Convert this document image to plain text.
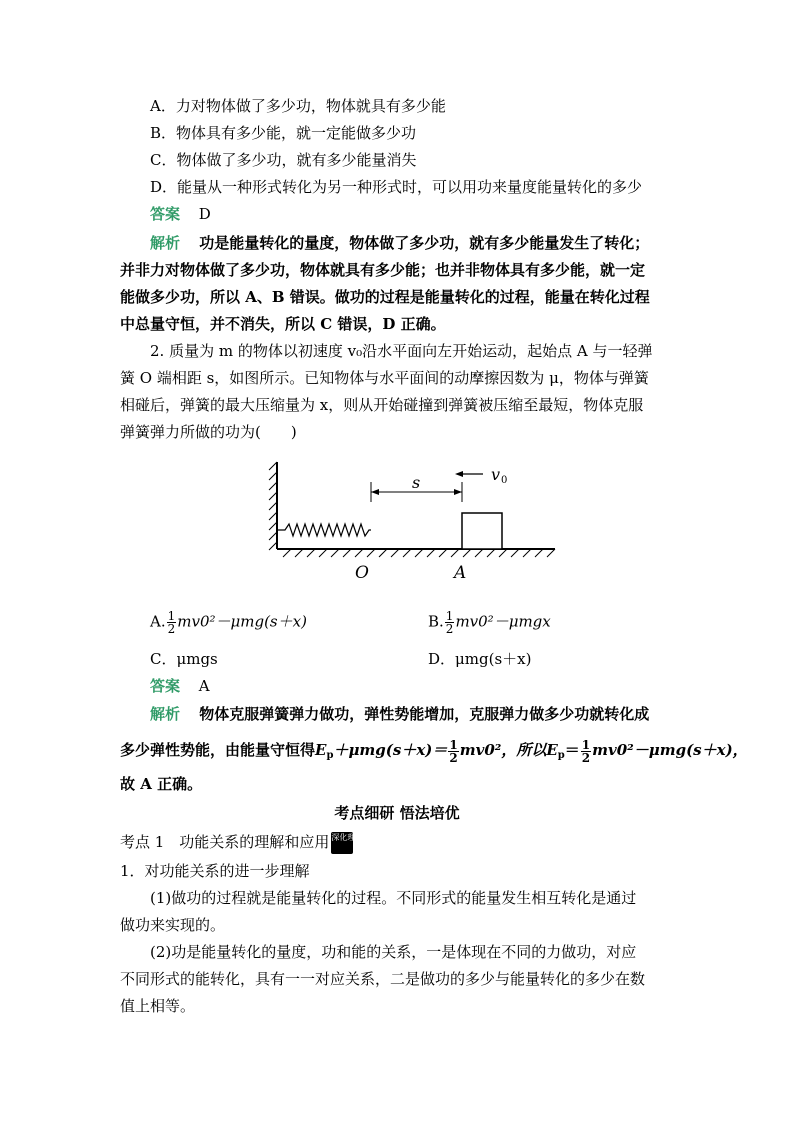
A．力对物体做了多少功，物体就具有多少能
B．物体具有多少能，就一定能做多少功
C．物体做了多少功，就有多少能量消失
D．能量从一种形式转化为另一种形式时，可以用功来量度能量转化的多少
答案 D
解析 功是能量转化的量度，物体做了多少功，就有多少能量发生了转化；
并非力对物体做了多少功，物体就具有多少能；也并非物体具有多少能，就一定
能做多少功，所以 A、B 错误。做功的过程是能量转化的过程，能量在转化过程
中总量守恒，并不消失，所以 C 错误，D 正确。
2. 质量为 m 的物体以初速度 v₀沿水平面向左开始运动，起始点 A 与一轻弹
簧 O 端相距 s，如图所示。已知物体与水平面间的动摩擦因数为 μ，物体与弹簧
相碰后，弹簧的最大压缩量为 x，则从开始碰撞到弹簧被压缩至最短，物体克服
弹簧弹力所做的功为(　　)
s	v 0
O	A
A. $\frac{1}{2} mv0^2-\mu mg(s+x)$	B. $\frac{1}{2} mv0^2-\mu mgx$
C．μmgs	D．μmg(s＋x)
答案 A
解析 物体克服弹簧弹力做功，弹性势能增加，克服弹力做多少功就转化成
多少弹性势能，由能量守恒得$E_p+\mu mg(s+x)= \frac{1}{2} mv0^2$，所以$E_p= \frac{1}{2} mv0^2-\mu mg(s+x)$，
故 A 正确。
考点细研 悟法培优
考点 1　功能关系的理解和应用 深化理解
1．对功能关系的进一步理解
(1)做功的过程就是能量转化的过程。不同形式的能量发生相互转化是通过
做功来实现的。
(2)功是能量转化的量度，功和能的关系，一是体现在不同的力做功，对应
不同形式的能转化，具有一一对应关系，二是做功的多少与能量转化的多少在数
值上相等。
